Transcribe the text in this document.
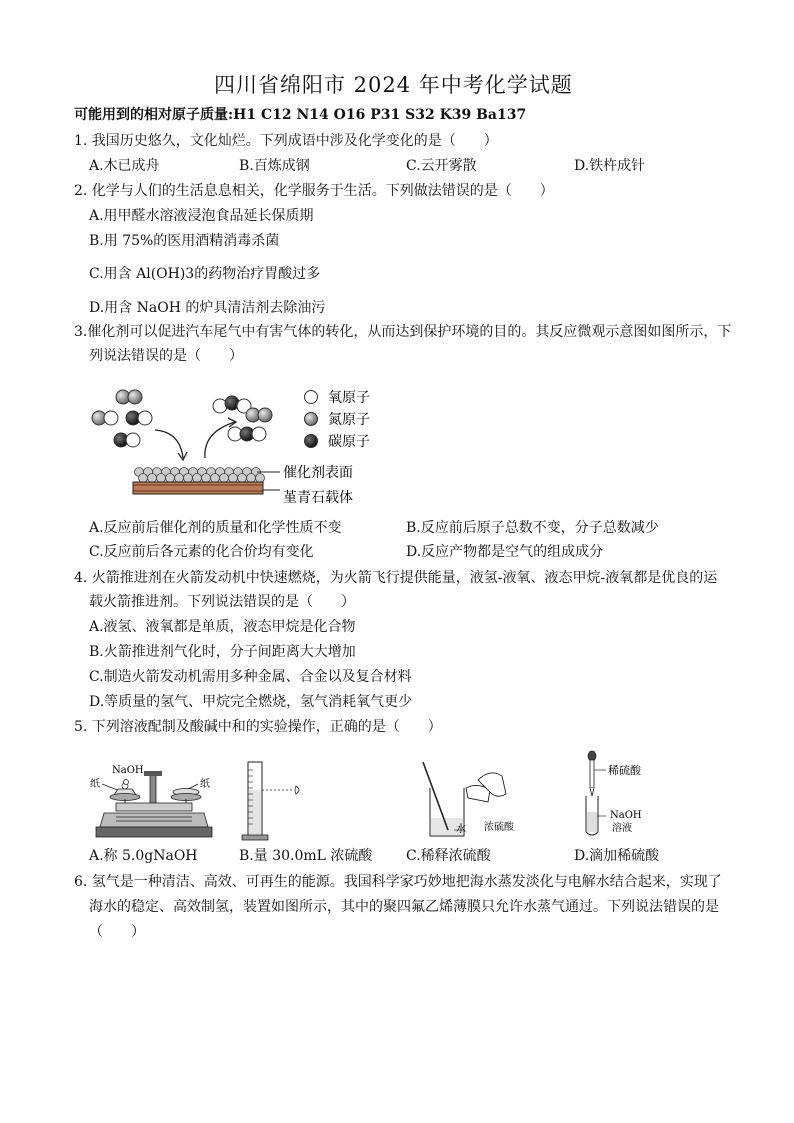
四川省绵阳市 2024 年中考化学试题
可能用到的相对原子质量:H1 C12 N14 O16 P31 S32 K39 Ba137
1. 我国历史悠久，文化灿烂。下列成语中涉及化学变化的是（　　）
A.木已成舟	B.百炼成钢	C.云开雾散	D.铁杵成针
2. 化学与人们的生活息息相关，化学服务于生活。下列做法错误的是（　　）
A.用甲醛水溶液浸泡食品延长保质期
B.用 75%的医用酒精消毒杀菌
C.用含 Al(OH)3的药物治疗胃酸过多
D.用含 NaOH 的炉具清洁剂去除油污
3.催化剂可以促进汽车尾气中有害气体的转化，从而达到保护环境的目的。其反应微观示意图如图所示，下
列说法错误的是（　　）
氧原子
氮原子
碳原子
催化剂表面
堇青石载体
A.反应前后催化剂的质量和化学性质不变	B.反应前后原子总数不变，分子总数减少
C.反应前后各元素的化合价均有变化	D.反应产物都是空气的组成成分
4. 火箭推进剂在火箭发动机中快速燃烧，为火箭飞行提供能量，液氢-液氧、液态甲烷-液氧都是优良的运
载火箭推进剂。下列说法错误的是（　　）
A.液氢、液氧都是单质，液态甲烷是化合物
B.火箭推进剂气化时，分子间距离大大增加
C.制造火箭发动机需用多种金属、合金以及复合材料
D.等质量的氢气、甲烷完全燃烧，氢气消耗氧气更少
5. 下列溶液配制及酸碱中和的实验操作，正确的是（　　）
NaOH
纸	纸
水 浓硫酸
稀硫酸
NaOH
溶液
A.称 5.0gNaOH	B.量 30.0mL 浓硫酸 C.稀释浓硫酸	D.滴加稀硫酸
6. 氢气是一种清洁、高效、可再生的能源。我国科学家巧妙地把海水蒸发淡化与电解水结合起来，实现了
海水的稳定、高效制氢，装置如图所示，其中的聚四氟乙烯薄膜只允许水蒸气通过。下列说法错误的是
（　　）
